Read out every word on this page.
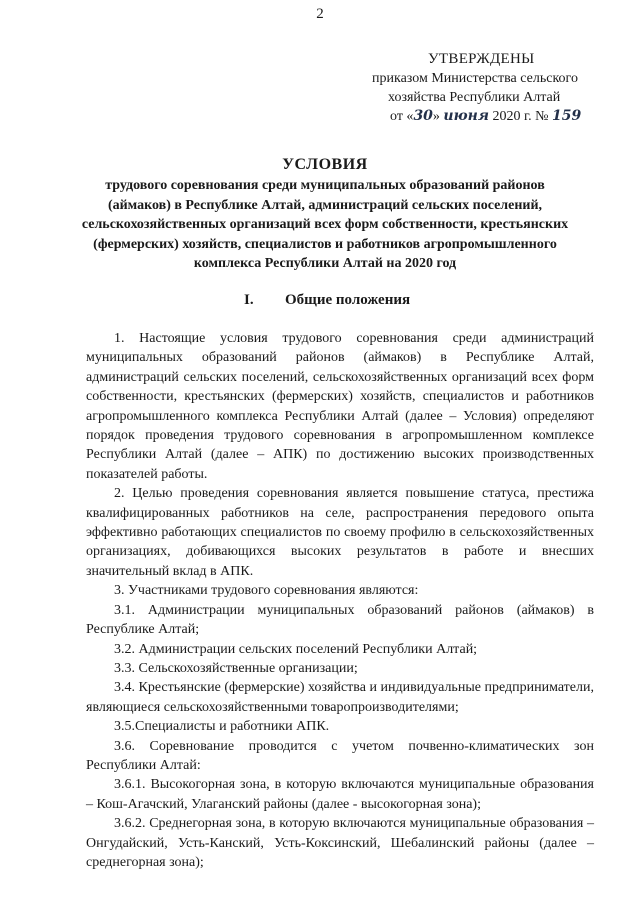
2
УТВЕРЖДЕНЫ
приказом Министерства сельского
хозяйства Республики Алтай
от «30» июня 2020 г. № 159
УСЛОВИЯ
трудового соревнования среди муниципальных образований районов
(аймаков) в Республике Алтай, администраций сельских поселений,
сельскохозяйственных организаций всех форм собственности, крестьянских
(фермерских) хозяйств, специалистов и работников агропромышленного
комплекса Республики Алтай на 2020 год
I. Общие положения

1. Настоящие условия трудового соревнования среди администраций муниципальных образований районов (аймаков) в Республике Алтай, администраций сельских поселений, сельскохозяйственных организаций всех форм собственности, крестьянских (фермерских) хозяйств, специалистов и работников агропромышленного комплекса Республики Алтай (далее – Условия) определяют порядок проведения трудового соревнования в агропромышленном комплексе Республики Алтай (далее – АПК) по достижению высоких производственных показателей работы.

2. Целью проведения соревнования является повышение статуса, престижа квалифицированных работников на селе, распространения передового опыта эффективно работающих специалистов по своему профилю в сельскохозяйственных организациях, добивающихся высоких результатов в работе и внесших значительный вклад в АПК.

3. Участниками трудового соревнования являются:

3.1. Администрации муниципальных образований районов (аймаков) в Республике Алтай;

3.2. Администрации сельских поселений Республики Алтай;

3.3. Сельскохозяйственные организации;

3.4. Крестьянские (фермерские) хозяйства и индивидуальные предприниматели, являющиеся сельскохозяйственными товаропроизводителями;

3.5.Специалисты и работники АПК.

3.6. Соревнование проводится с учетом почвенно-климатических зон Республики Алтай:

3.6.1. Высокогорная зона, в которую включаются муниципальные образования – Кош-Агачский, Улаганский районы (далее - высокогорная зона);

3.6.2. Среднегорная зона, в которую включаются муниципальные образования – Онгудайский, Усть-Канский, Усть-Коксинский, Шебалинский районы (далее – среднегорная зона);
